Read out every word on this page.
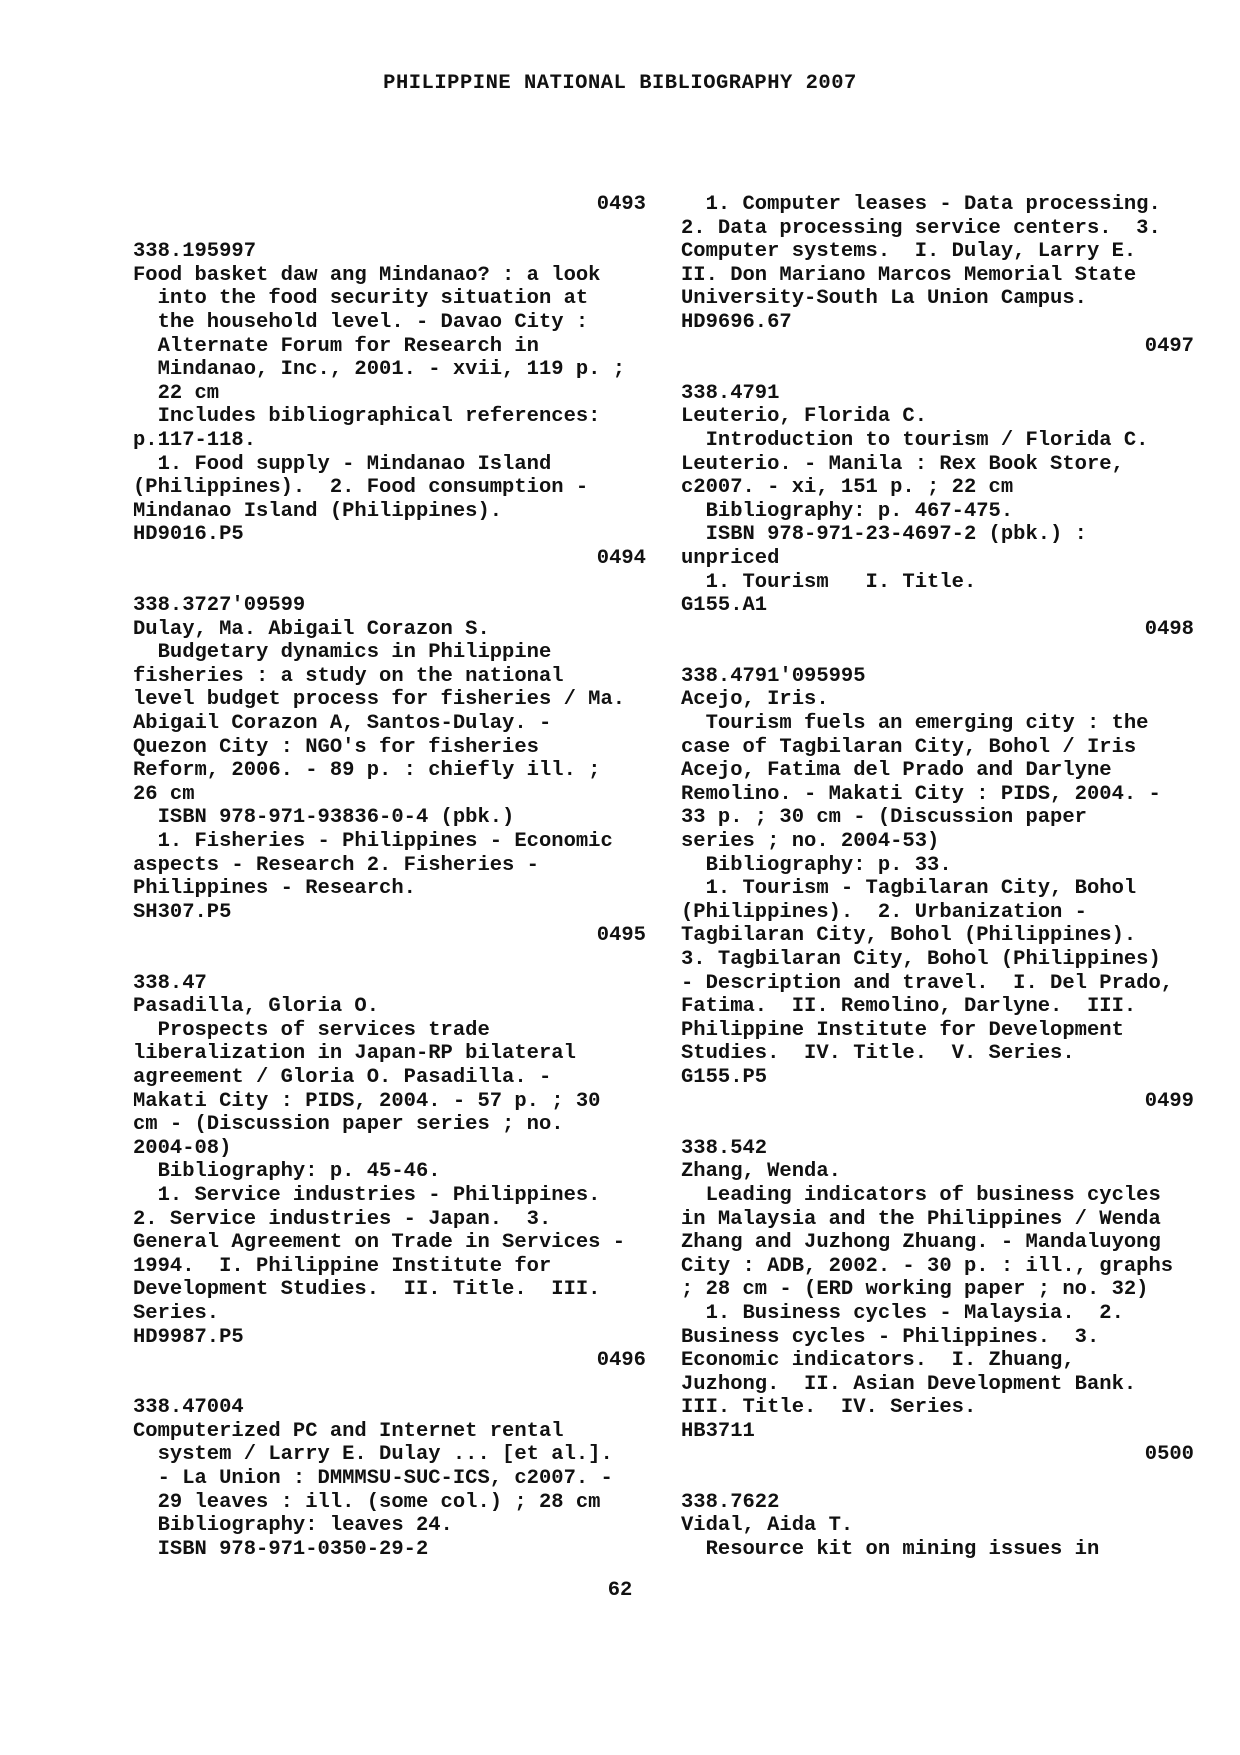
PHILIPPINE NATIONAL BIBLIOGRAPHY 2007
0493
338.195997
Food basket daw ang Mindanao? : a look
into the food security situation at
the household level. - Davao City :
Alternate Forum for Research in
Mindanao, Inc., 2001. - xvii, 119 p. ;
22 cm
Includes bibliographical references:
p.117-118.
1. Food supply - Mindanao Island
(Philippines).  2. Food consumption -
Mindanao Island (Philippines).
HD9016.P5
0494
338.3727'09599
Dulay, Ma. Abigail Corazon S.
Budgetary dynamics in Philippine
fisheries : a study on the national
level budget process for fisheries / Ma.
Abigail Corazon A, Santos-Dulay. -
Quezon City : NGO's for fisheries
Reform, 2006. - 89 p. : chiefly ill. ;
26 cm
ISBN 978-971-93836-0-4 (pbk.)
1. Fisheries - Philippines - Economic
aspects - Research 2. Fisheries -
Philippines - Research.
SH307.P5
0495
338.47
Pasadilla, Gloria O.
Prospects of services trade
liberalization in Japan-RP bilateral
agreement / Gloria O. Pasadilla. -
Makati City : PIDS, 2004. - 57 p. ; 30
cm - (Discussion paper series ; no.
2004-08)
Bibliography: p. 45-46.
1. Service industries - Philippines.
2. Service industries - Japan.  3.
General Agreement on Trade in Services -
1994.  I. Philippine Institute for
Development Studies.  II. Title.  III.
Series.
HD9987.P5
0496
338.47004
Computerized PC and Internet rental
system / Larry E. Dulay ... [et al.].
- La Union : DMMMSU-SUC-ICS, c2007. -
29 leaves : ill. (some col.) ; 28 cm
Bibliography: leaves 24.
ISBN 978-971-0350-29-2
1. Computer leases - Data processing.
2. Data processing service centers.  3.
Computer systems.  I. Dulay, Larry E.
II. Don Mariano Marcos Memorial State
University-South La Union Campus.
HD9696.67
0497
338.4791
Leuterio, Florida C.
Introduction to tourism / Florida C.
Leuterio. - Manila : Rex Book Store,
c2007. - xi, 151 p. ; 22 cm
Bibliography: p. 467-475.
ISBN 978-971-23-4697-2 (pbk.) :
unpriced
1. Tourism   I. Title.
G155.A1
0498
338.4791'095995
Acejo, Iris.
Tourism fuels an emerging city : the
case of Tagbilaran City, Bohol / Iris
Acejo, Fatima del Prado and Darlyne
Remolino. - Makati City : PIDS, 2004. -
33 p. ; 30 cm - (Discussion paper
series ; no. 2004-53)
Bibliography: p. 33.
1. Tourism - Tagbilaran City, Bohol
(Philippines).  2. Urbanization -
Tagbilaran City, Bohol (Philippines).
3. Tagbilaran City, Bohol (Philippines)
- Description and travel.  I. Del Prado,
Fatima.  II. Remolino, Darlyne.  III.
Philippine Institute for Development
Studies.  IV. Title.  V. Series.
G155.P5
0499
338.542
Zhang, Wenda.
Leading indicators of business cycles
in Malaysia and the Philippines / Wenda
Zhang and Juzhong Zhuang. - Mandaluyong
City : ADB, 2002. - 30 p. : ill., graphs
; 28 cm - (ERD working paper ; no. 32)
1. Business cycles - Malaysia.  2.
Business cycles - Philippines.  3.
Economic indicators.  I. Zhuang,
Juzhong.  II. Asian Development Bank.
III. Title.  IV. Series.
HB3711
0500
338.7622
Vidal, Aida T.
Resource kit on mining issues in
62
